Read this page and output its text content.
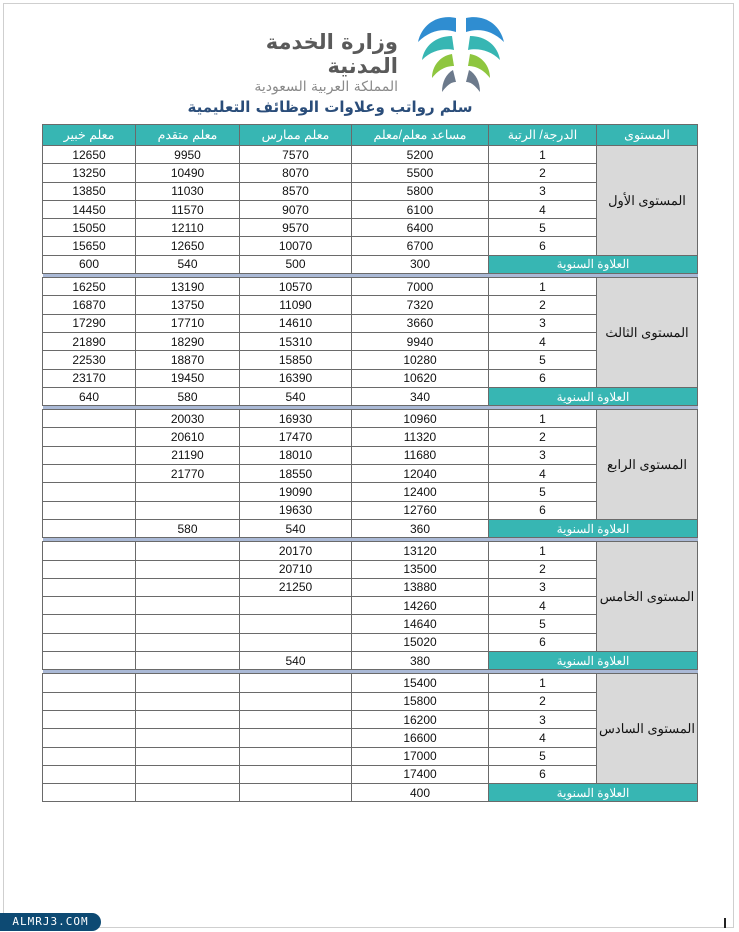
وزارة الخدمة المدنية
المملكة العربية السعودية
سلم رواتب وعلاوات الوظائف التعليمية
المستوى	الدرجة/ الرتبة	مساعد معلم/معلم	معلم ممارس	معلم متقدم	معلم خبير
المستوى الأول	1	5200	7570	9950	12650
	2	5500	8070	10490	13250
	3	5800	8570	11030	13850
	4	6100	9070	11570	14450
	5	6400	9570	12110	15050
	6	6700	10070	12650	15650
العلاوة السنوية		300	500	540	600

المستوى الثالث	1	7000	10570	13190	16250
	2	7320	11090	13750	16870
	3	3660	14610	17710	17290
	4	9940	15310	18290	21890
	5	10280	15850	18870	22530
	6	10620	16390	19450	23170
العلاوة السنوية		340	540	580	640

المستوى الرابع	1	10960	16930	20030	
	2	11320	17470	20610	
	3	11680	18010	21190	
	4	12040	18550	21770	
	5	12400	19090		
	6	12760	19630		
العلاوة السنوية		360	540	580	

المستوى الخامس	1	13120	20170		
	2	13500	20710		
	3	13880	21250		
	4	14260			
	5	14640			
	6	15020			
العلاوة السنوية		380	540		

المستوى السادس	1	15400			
	2	15800			
	3	16200			
	4	16600			
	5	17000			
	6	17400			
العلاوة السنوية		400			
ALMRJ3.COM
